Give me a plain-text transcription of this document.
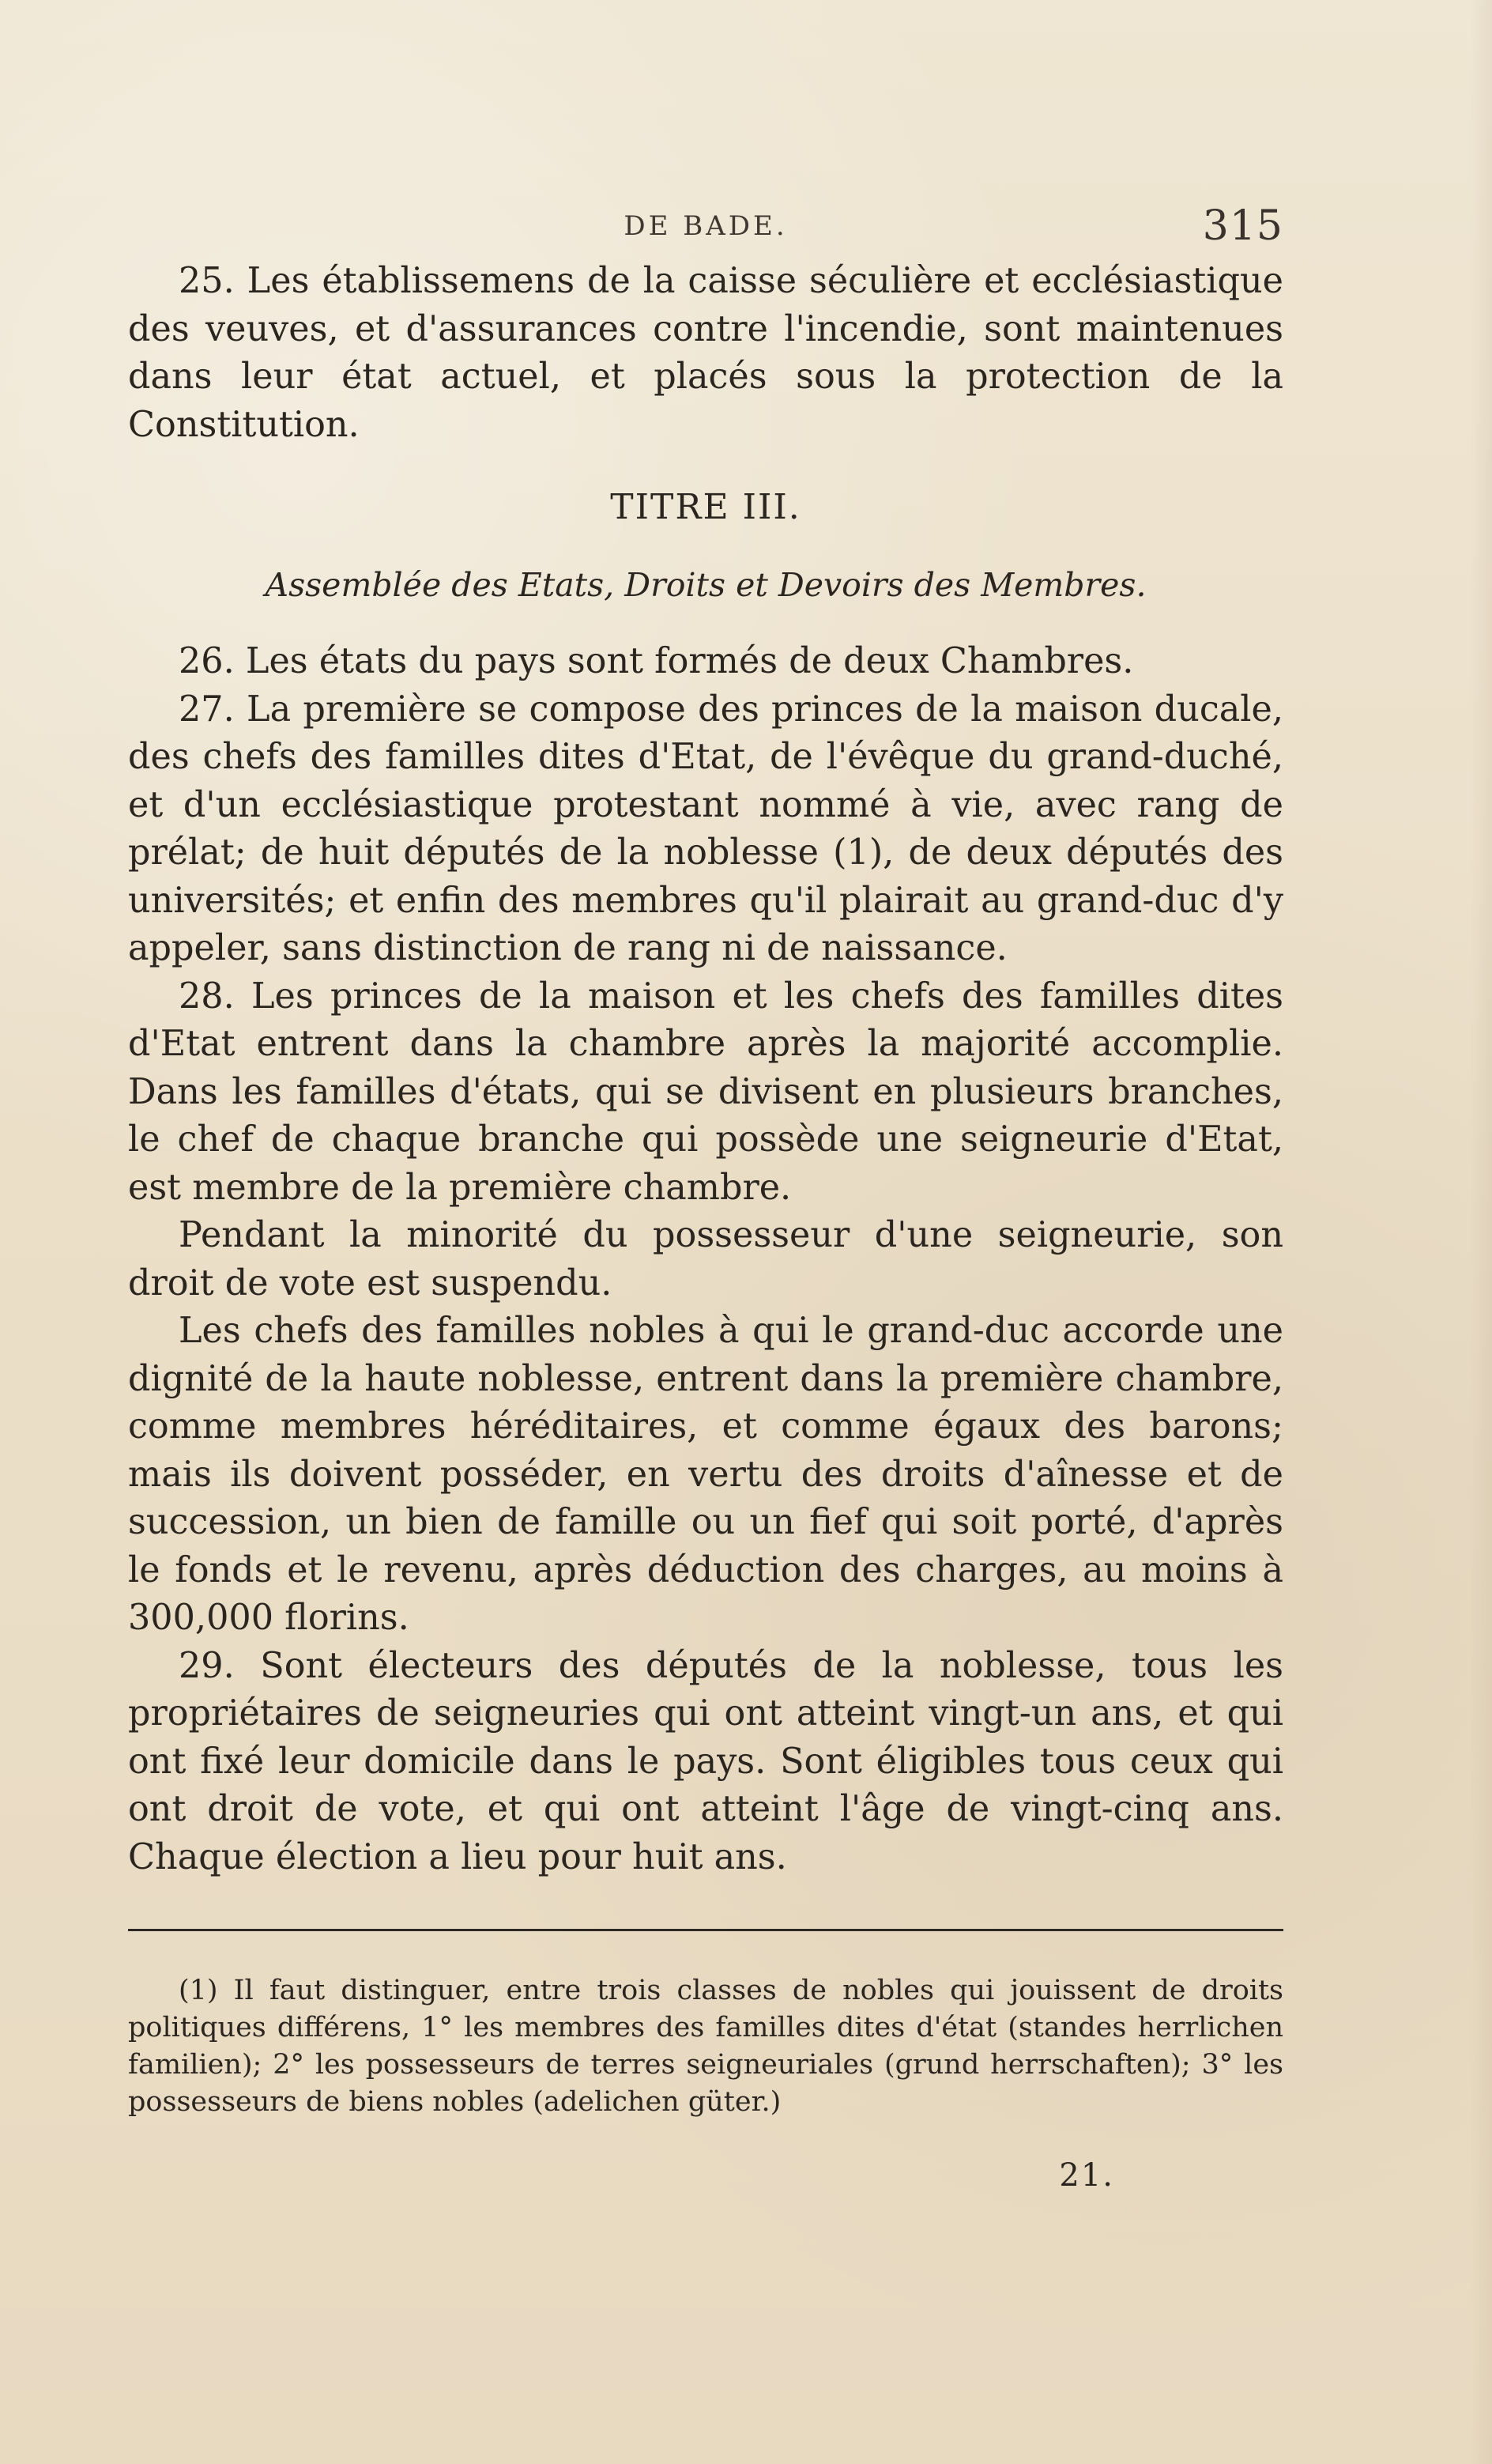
DE BADE.	315

25. Les établissemens de la caisse séculière et ecclésiastique des veuves, et d'assurances contre l'incendie, sont maintenues dans leur état actuel, et placés sous la protection de la Constitution.

TITRE III.
Assemblée des Etats, Droits et Devoirs des Membres.

26. Les états du pays sont formés de deux Chambres.

27. La première se compose des princes de la maison ducale, des chefs des familles dites d'Etat, de l'évêque du grand-duché, et d'un ecclésiastique protestant nommé à vie, avec rang de prélat; de huit députés de la noblesse (1), de deux députés des universités; et enfin des membres qu'il plairait au grand-duc d'y appeler, sans distinction de rang ni de naissance.

28. Les princes de la maison et les chefs des familles dites d'Etat entrent dans la chambre après la majorité accomplie. Dans les familles d'états, qui se divisent en plusieurs branches, le chef de chaque branche qui possède une seigneurie d'Etat, est membre de la première chambre.

Pendant la minorité du possesseur d'une seigneurie, son droit de vote est suspendu.

Les chefs des familles nobles à qui le grand-duc accorde une dignité de la haute noblesse, entrent dans la première chambre, comme membres héréditaires, et comme égaux des barons; mais ils doivent posséder, en vertu des droits d'aînesse et de succession, un bien de famille ou un fief qui soit porté, d'après le fonds et le revenu, après déduction des charges, au moins à 300,000 florins.

29. Sont électeurs des députés de la noblesse, tous les propriétaires de seigneuries qui ont atteint vingt-un ans, et qui ont fixé leur domicile dans le pays. Sont éligibles tous ceux qui ont droit de vote, et qui ont atteint l'âge de vingt-cinq ans. Chaque élection a lieu pour huit ans.

(1) Il faut distinguer, entre trois classes de nobles qui jouissent de droits politiques différens, 1° les membres des familles dites d'état (standes herrlichen familien); 2° les possesseurs de terres seigneuriales (grund herrschaften); 3° les possesseurs de biens nobles (adelichen güter.)

21.
